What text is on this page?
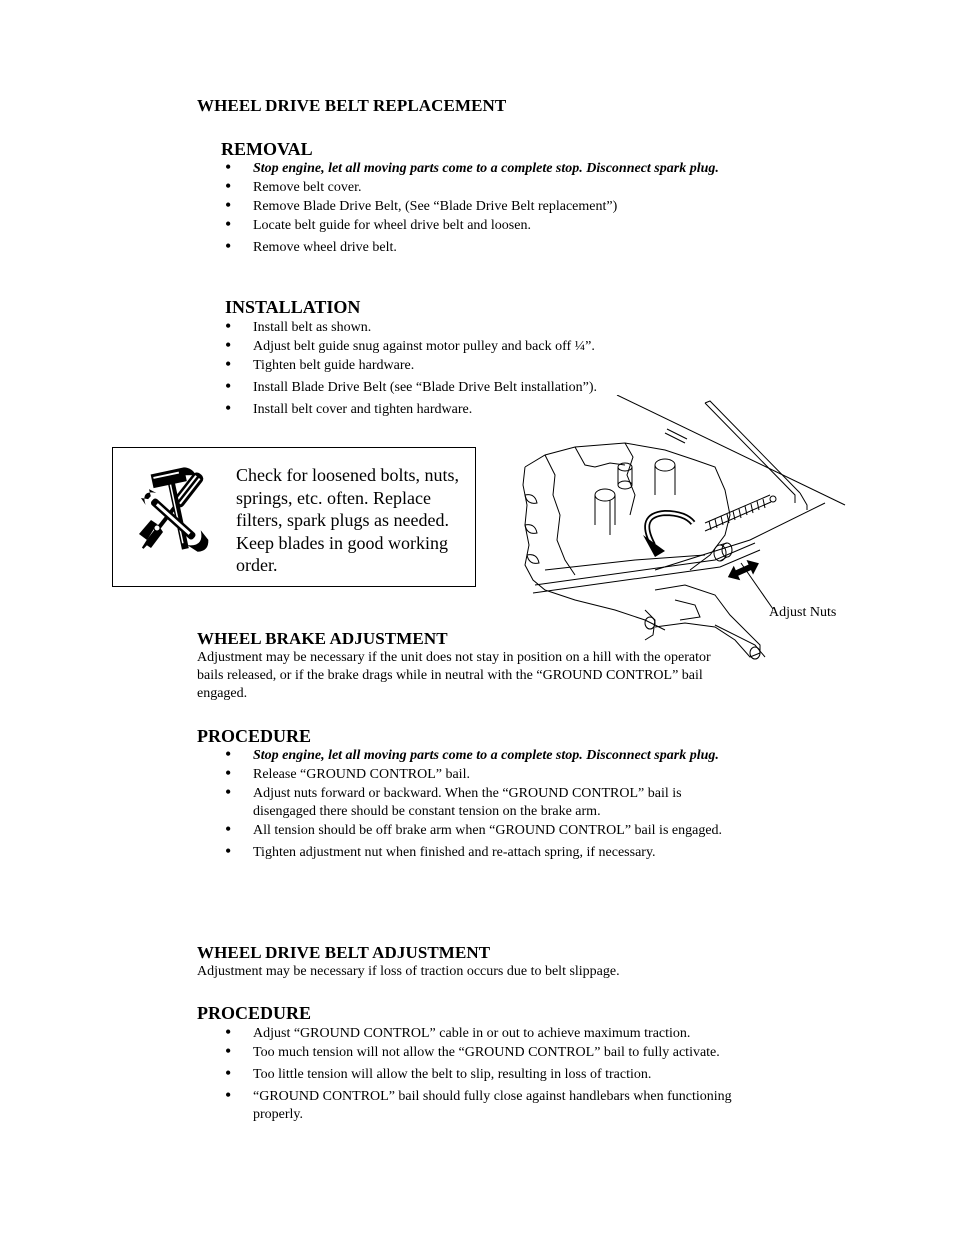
WHEEL DRIVE BELT REPLACEMENT
REMOVAL
• Stop engine, let all moving parts come to a complete stop. Disconnect spark plug.
• Remove belt cover.
• Remove Blade Drive Belt, (See “Blade Drive Belt replacement”)
• Locate belt guide for wheel drive belt and loosen.
• Remove wheel drive belt.
INSTALLATION
• Install belt as shown.
• Adjust belt guide snug against motor pulley and back off ¼”.
• Tighten belt guide hardware.
• Install Blade Drive Belt (see “Blade Drive Belt installation”).
• Install belt cover and tighten hardware.
Check for loosened bolts, nuts, springs, etc. often. Replace filters, spark plugs as needed. Keep blades in good working order.
Adjust Nuts
WHEEL BRAKE ADJUSTMENT
Adjustment may be necessary if the unit does not stay in position on a hill with the operator bails released, or if the brake drags while in neutral with the “GROUND CONTROL” bail engaged.
PROCEDURE
• Stop engine, let all moving parts come to a complete stop. Disconnect spark plug.
• Release “GROUND CONTROL” bail.
• Adjust nuts forward or backward. When the “GROUND CONTROL” bail is disengaged there should be constant tension on the brake arm.
• All tension should be off brake arm when “GROUND CONTROL” bail is engaged.
• Tighten adjustment nut when finished and re-attach spring, if necessary.
WHEEL DRIVE BELT ADJUSTMENT
Adjustment may be necessary if loss of traction occurs due to belt slippage.
PROCEDURE
• Adjust “GROUND CONTROL” cable in or out to achieve maximum traction.
• Too much tension will not allow the “GROUND CONTROL” bail to fully activate.
• Too little tension will allow the belt to slip, resulting in loss of traction.
• “GROUND CONTROL” bail should fully close against handlebars when functioning properly.
